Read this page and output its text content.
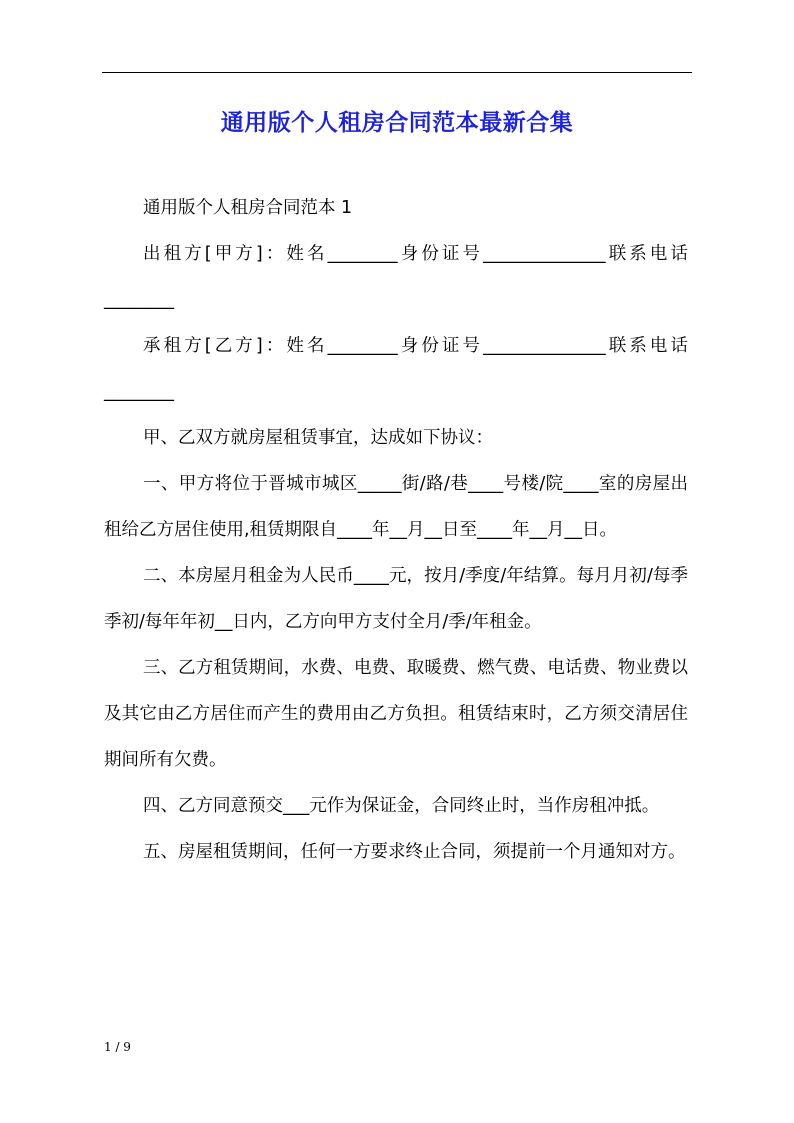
通用版个人租房合同范本最新合集

通用版个人租房合同范本 1

出租方[甲方]：姓名________身份证号______________联系电话________

承租方[乙方]：姓名________身份证号______________联系电话________

甲、乙双方就房屋租赁事宜，达成如下协议：

一、甲方将位于晋城市城区_____街/路/巷____号楼/院____室的房屋出租给乙方居住使用,租赁期限自____年__月__日至____年__月__日。

二、本房屋月租金为人民币____元，按月/季度/年结算。每月月初/每季季初/每年年初__日内，乙方向甲方支付全月/季/年租金。

三、乙方租赁期间，水费、电费、取暖费、燃气费、电话费、物业费以及其它由乙方居住而产生的费用由乙方负担。租赁结束时，乙方须交清居住期间所有欠费。

四、乙方同意预交___元作为保证金，合同终止时，当作房租冲抵。

五、房屋租赁期间，任何一方要求终止合同，须提前一个月通知对方。

1 / 9
